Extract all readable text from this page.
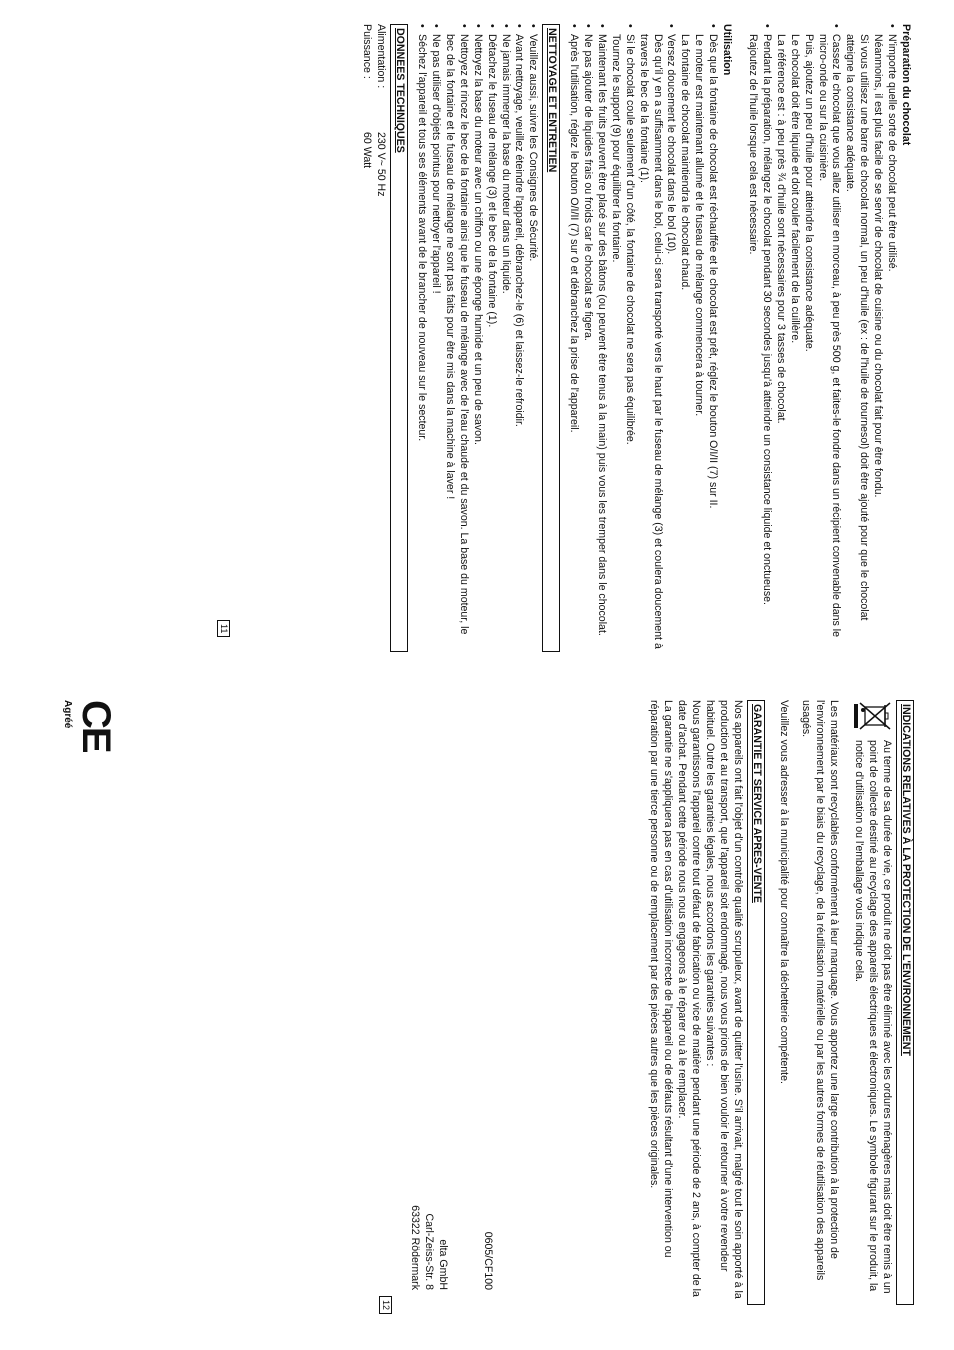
Préparation du chocolat

• N'importe quelle sorte de chocolat peut être utilisé.

Néanmoins, il est plus facile de se servir de chocolat de cuisine ou du chocolat fait pour être fondu.

Si vous utilisez une barre de chocolat normal, un peu d'huile (ex : de l'huile de tournesol) doit être ajouté pour que le chocolat atteigne la consistance adéquate.

• Cassez le chocolat que vous allez utiliser en morceau, à peu près 500 g, et faites-le fondre dans un récipient convenable dans le micro-onde ou sur la cuisinière.

Puis, ajoutez un peu d'huile pour atteindre la consistance adéquate.

Le chocolat doit être liquide et doit couler facilement de la cuillère.

La référence est : à peu près ¾ d'huile sont nécessaires pour 3 tasses de chocolat.

• Pendant la préparation, mélangez le chocolat pendant 30 secondes jusqu'à atteindre un consistance liquide et onctueuse.

Rajoutez de l'huile lorsque cela est nécessaire.

Utilisation

• Dès que la fontaine de chocolat est réchauffée et le chocolat est prêt, réglez le bouton O/I/II (7) sur II.

Le moteur est maintenant allumé et le fuseau de mélange commencera à tourner.

La fontaine de chocolat maintiendra le chocolat chaud.

• Versez doucement le chocolat dans le bol (10).

Dès qu'il y en a suffisamment dans le bol, celui-ci sera transporté vers le haut par le fuseau de mélange (3) et coulera doucement à travers le bec de la fontaine (1).

• Si le chocolat coule seulement d'un côté, la fontaine de chocolat ne sera pas équilibrée.

Tournez le support (9) pour équilibrer la fontaine.

• Maintenant les fruits peuvent être placé sur des bâtons (ou peuvent être tenus à la main) puis vous les tremper dans le chocolat.
• Ne pas ajouter de liquides frais ou froids car le chocolat se figera.
• Après l'utilisation, réglez le bouton O/I/II (7) sur 0 et débranchez la prise de l'appareil.
NETTOYAGE ET ENTRETIEN
• Veuillez aussi, suivre les Consignes de Sécurité.
• Avant nettoyage, veuillez éteindre l'appareil, débranchez-le (6) et laissez-le refroidir.
• Ne jamais immerger la base du moteur dans un liquide.
• Détachez le fuseau de mélange (3) et le bec de la fontaine (1).
• Nettoyez la base du moteur avec un chiffon ou une éponge humide et un peu de savon.
• Nettoyez et rincez le bec de la fontaine ainsi que le fuseau de mélange avec de l'eau chaude et du savon. La base du moteur, le bec de la fontaine et le fuseau de mélange ne sont pas faits pour être mis dans la machine à laver !
• Ne pas utiliser d'objets pointus pour nettoyer l'appareil !
• Séchez l'appareil et tous ses éléments avant de le brancher de nouveau sur le secteur.
DONNEES TECHNIQUES
Alimentation :
230 V~ 50 Hz
Puissance :
60 Watt
11
INDICATIONS RELATIVES À LA PROTECTION DE L'ENVIRONNEMENT

Au terme de sa durée de vie, ce produit ne doit pas être éliminé avec les ordures ménagères mais doit être remis à un point de collecte destiné au recyclage des appareils électriques et électroniques. Le symbole figurant sur le produit, la notice d'utilisation ou l'emballage vous indique cela.

Les matériaux sont recyclables conformément à leur marquage. Vous apportez une large contribution à la protection de l'environnement par le biais du recyclage, de la réutilisation matérielle ou par les autres formes de réutilisation des appareils usagés.

Veuillez vous adresser à la municipalité pour connaître la déchetterie compétente.

GARANTIE ET SERVICE APRES-VENTE

Nos appareils ont fait l'objet d'un contrôle qualité scrupuleux, avant de quitter l'usine. S'il arrivait, malgré tout le soin apporté à la production et au transport, que l'appareil soit endommagé, nous vous prions de bien vouloir le retourner à votre revendeur habituel. Outre les garanties légales, nous accordons les garanties suivantes :

Nous garantissons l'appareil contre tout défaut de fabrication ou vice de matière pendant une période de 2 ans, à compter de la date d'achat. Pendant cette période nous nous engageons à le réparer ou à le remplacer.

La garantie ne s'appliquera pas en cas d'utilisation incorrecte de l'appareil ou de défauts résultant d'une intervention ou réparation par une tierce personne ou de remplacement par des pièces autres que les pièces originales.

0605/CF100

elta GmbH

Carl-Zeiss-Str. 8

63322 Rödermark

CE
Agréé
12
